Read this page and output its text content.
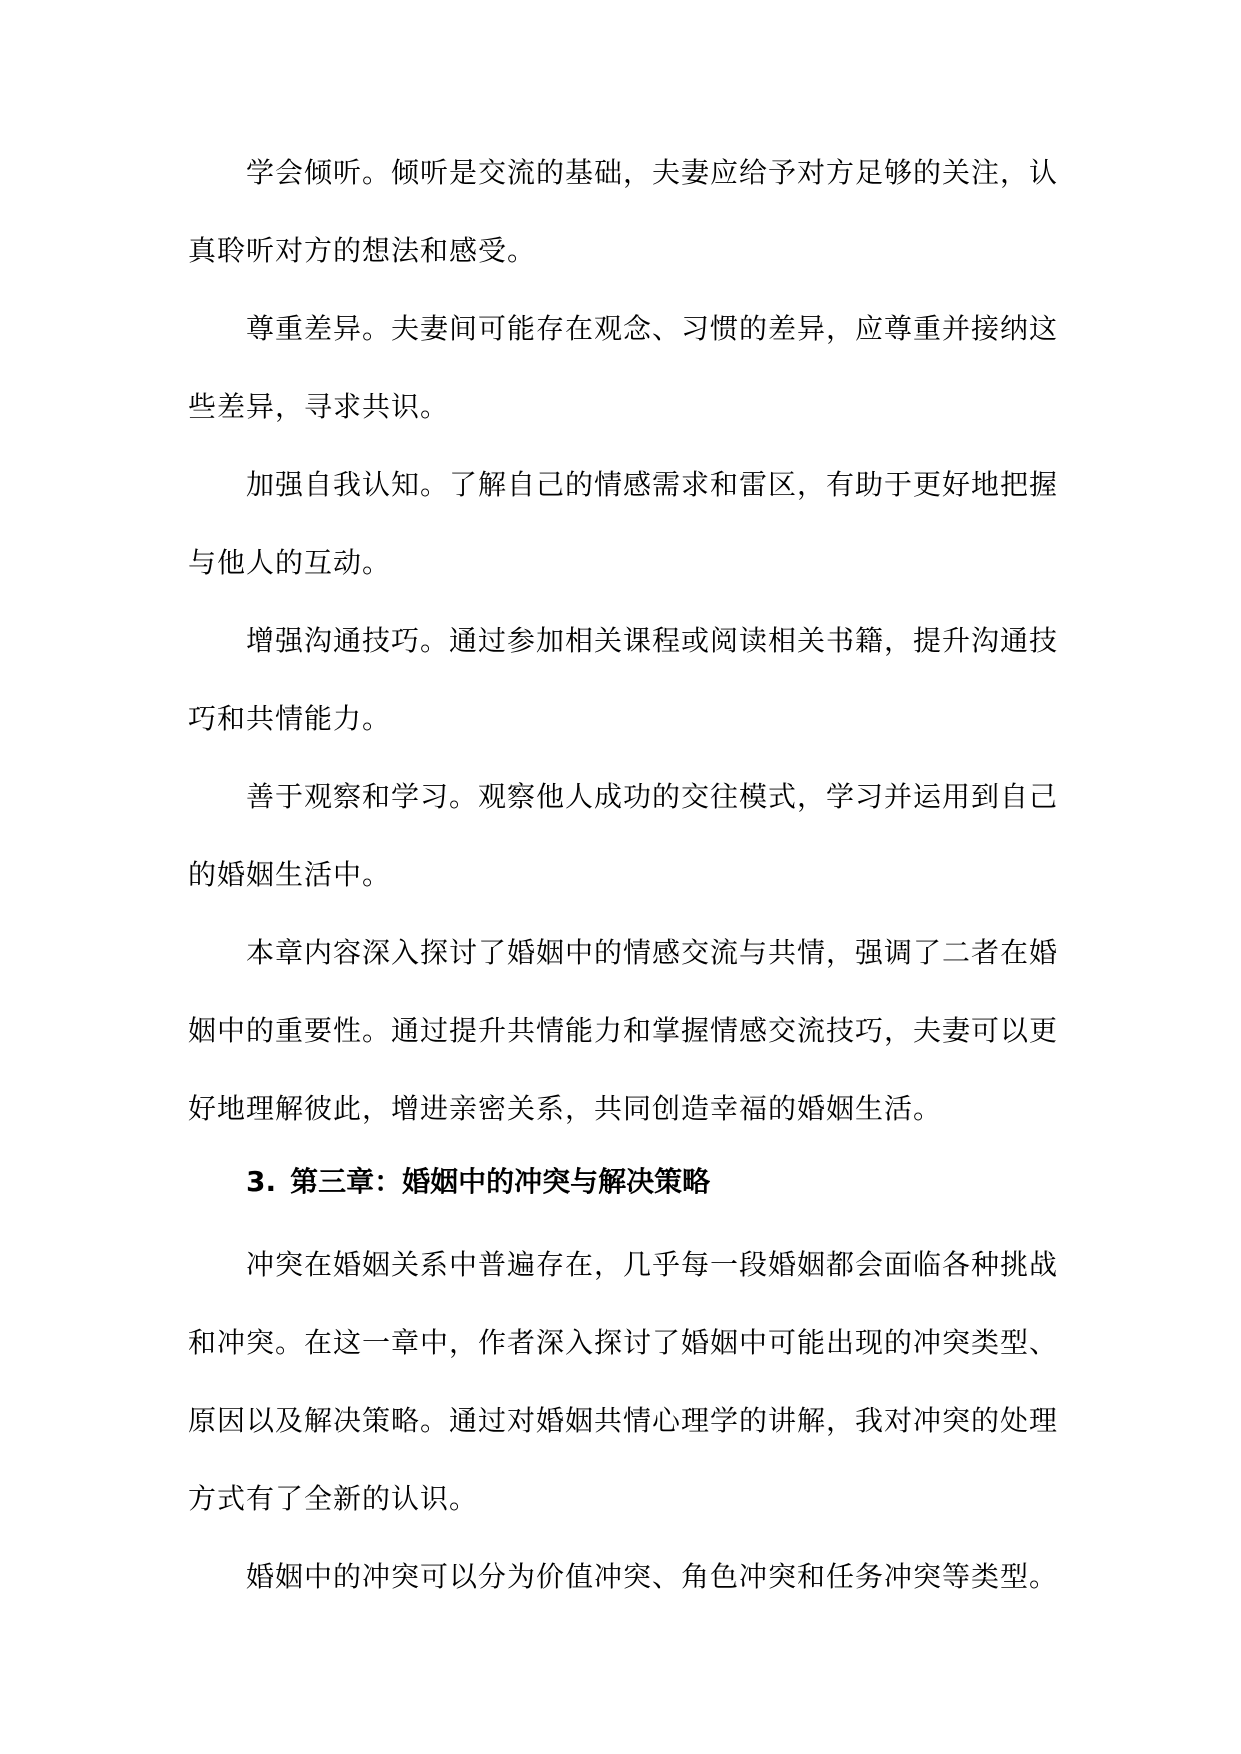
学会倾听。倾听是交流的基础，夫妻应给予对方足够的关注，认真聆听对方的想法和感受。

尊重差异。夫妻间可能存在观念、习惯的差异，应尊重并接纳这些差异，寻求共识。

加强自我认知。了解自己的情感需求和雷区，有助于更好地把握与他人的互动。

增强沟通技巧。通过参加相关课程或阅读相关书籍，提升沟通技巧和共情能力。

善于观察和学习。观察他人成功的交往模式，学习并运用到自己的婚姻生活中。

本章内容深入探讨了婚姻中的情感交流与共情，强调了二者在婚姻中的重要性。通过提升共情能力和掌握情感交流技巧，夫妻可以更好地理解彼此，增进亲密关系，共同创造幸福的婚姻生活。

3. 第三章：婚姻中的冲突与解决策略

冲突在婚姻关系中普遍存在，几乎每一段婚姻都会面临各种挑战和冲突。在这一章中，作者深入探讨了婚姻中可能出现的冲突类型、原因以及解决策略。通过对婚姻共情心理学的讲解，我对冲突的处理方式有了全新的认识。

婚姻中的冲突可以分为价值冲突、角色冲突和任务冲突等类型。
